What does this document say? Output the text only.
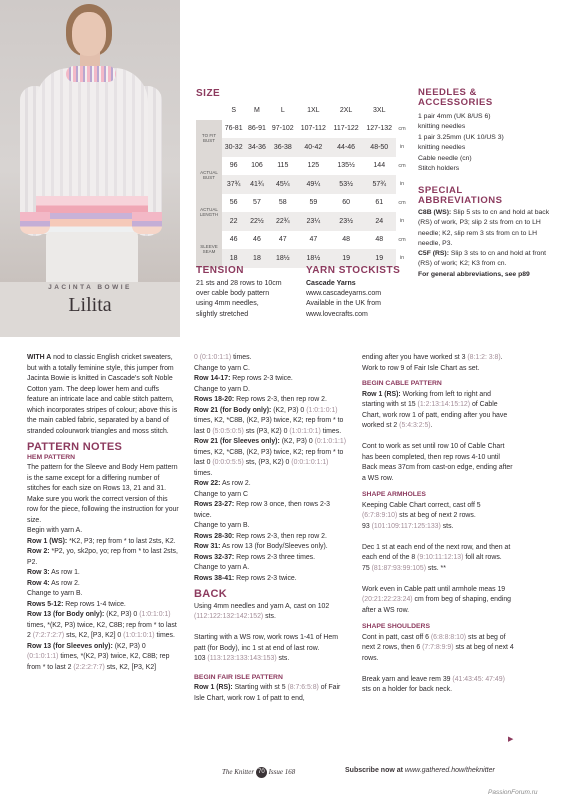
JACINTA BOWIE
Lilita
SIZE
	S	M	L	1XL	2XL	3XL	
TO FIT BUST	76-81	86-91	97-102	107-112	117-122	127-132	cm
	30-32	34-36	36-38	40-42	44-46	48-50	in
ACTUAL BUST	96	106	115	125	135½	144	cm
	37¾	41¾	45¼	49¼	53½	57¾	in
ACTUAL LENGTH	56	57	58	59	60	61	cm
	22	22½	22¾	23¼	23½	24	in
SLEEVE SEAM	46	46	47	47	48	48	cm
	18	18	18½	18½	19	19	in
TENSION
21 sts and 28 rows to 10cm
over cable body pattern
using 4mm needles,
slightly stretched
YARN STOCKISTS
Cascade Yarns
www.cascadeyarns.com
Available in the UK from
www.lovecrafts.com
NEEDLES &
ACCESSORIES
1 pair 4mm (UK 8/US 6)
knitting needles
1 pair 3.25mm (UK 10/US 3)
knitting needles
Cable needle (cn)
Stitch holders
SPECIAL
ABBREVIATIONS

C8B (WS): Slip 5 sts to cn and hold at back (RS) of work, P3; slip 2 sts from cn to LH needle; K2, slip rem 3 sts from cn to LH needle, P3.

C5F (RS): Slip 3 sts to cn and hold at front (RS) of work; K2; K3 from cn.

For general abbreviations, see p89

WITH A nod to classic English cricket sweaters, but with a totally feminine style, this jumper from Jacinta Bowie is knitted in Cascade's soft Noble Cotton yarn. The deep lower hem and cuffs feature an intricate lace and cable stitch pattern, which incorporates stripes of colour; above this is the main cabled fabric, separated by a band of stranded colourwork triangles and moss stitch.

PATTERN NOTES
HEM PATTERN

The pattern for the Sleeve and Body Hem pattern is the same except for a differing number of stitches for each size on Rows 13, 21 and 31. Make sure you work the correct version of this row for the piece, following the instruction for your size.

Begin with yarn A.

Row 1 (WS): *K2, P3; rep from * to last 2sts, K2.

Row 2: *P2, yo, sk2po, yo; rep from * to last 2sts, P2.

Row 3: As row 1.

Row 4: As row 2.

Change to yarn B.

Rows 5-12: Rep rows 1-4 twice.

Row 13 (for Body only): (K2, P3) 0 (1:0:1:0:1) times, *(K2, P3) twice, K2, C8B; rep from * to last 2 (7:2:7:2:7) sts, K2, [P3, K2] 0 (1:0:1:0:1) times.

Row 13 (for Sleeves only): (K2, P3) 0 (0:1:0:1:1) times, *(K2, P3) twice, K2, C8B; rep from * to last 2 (2:2:2:7:7) sts, K2, [P3, K2]

0 (0:1:0:1:1) times.

Change to yarn C.

Row 14-17: Rep rows 2-3 twice.

Change to yarn D.

Rows 18-20: Rep rows 2-3, then rep row 2.

Row 21 (for Body only): (K2, P3) 0 (1:0:1:0:1) times, K2, *C8B, (K2, P3) twice, K2; rep from * to last 0 (5:0:5:0:5) sts (P3, K2) 0 (1:0:1:0:1) times.

Row 21 (for Sleeves only): (K2, P3) 0 (0:1:0:1:1) times, K2, *C8B, (K2, P3) twice, K2; rep from * to last 0 (0:0:0:5:5) sts, (P3, K2) 0 (0:0:1:0:1:1) times.

Row 22: As row 2.

Change to yarn C

Rows 23-27: Rep row 3 once, then rows 2-3 twice.

Change to yarn B.

Rows 28-30: Rep rows 2-3, then rep row 2.

Row 31: As row 13 (for Body/Sleeves only).

Rows 32-37: Rep rows 2-3 three times.

Change to yarn A.

Rows 38-41: Rep rows 2-3 twice.

BACK

Using 4mm needles and yarn A, cast on 102 (112:122:132:142:152) sts.

Starting with a WS row, work rows 1-41 of Hem patt (for Body), inc 1 st at end of last row.

103 (113:123:133:143:153) sts.

BEGIN FAIR ISLE PATTERN

Row 1 (RS): Starting with st 5 (8:7:6:5:8) of Fair Isle Chart, work row 1 of patt to end,

ending after you have worked st 3 (8:1:2: 3:8).

Work to row 9 of Fair Isle Chart as set.

BEGIN CABLE PATTERN

Row 1 (RS): Working from left to right and starting with st 15 (1:2:13:14:15:12) of Cable Chart, work row 1 of patt, ending after you have worked st 2 (5:4:3:2:5).

Cont to work as set until row 10 of Cable Chart has been completed, then rep rows 4-10 until Back meas 37cm from cast-on edge, ending after a WS row.

SHAPE ARMHOLES

Keeping Cable Chart correct, cast off 5 (6:7:8:9:10) sts at beg of next 2 rows.

93 (101:109:117:125:133) sts.

Dec 1 st at each end of the next row, and then at each end of the 8 (9:10:11:12:13) foll alt rows.

75 (81:87:93:99:105) sts. **

Work even in Cable patt until armhole meas 19 (20:21:22:23:24) cm from beg of shaping, ending after a WS row.

SHAPE SHOULDERS

Cont in patt, cast off 6 (6:8:8:8:10) sts at beg of next 2 rows, then 6 (7:7:8:9:9) sts at beg of next 4 rows.

Break yarn and leave rem 39 (41:43:45: 47:49) sts on a holder for back neck.

▶
The Knitter 70 Issue 168	Subscribe now at www.gathered.how/theknitter
PassionForum.ru
